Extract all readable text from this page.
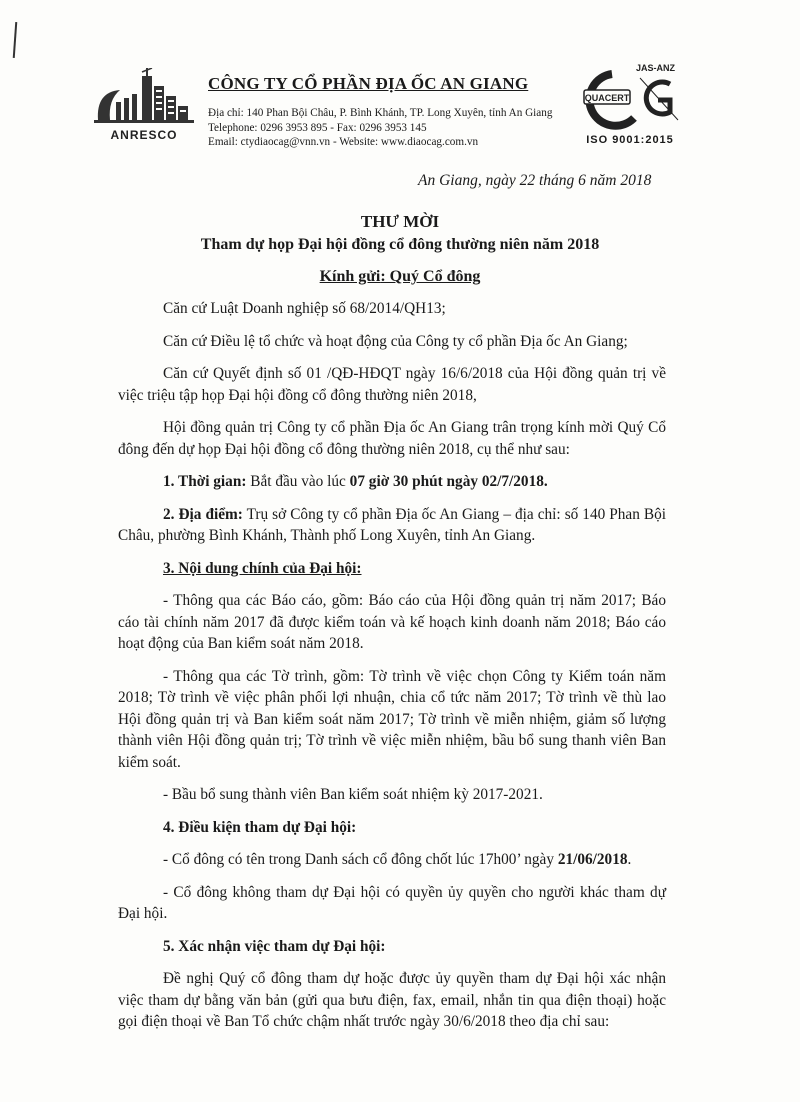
ANRESCO
CÔNG TY CỔ PHẦN ĐỊA ỐC AN GIANG
Địa chỉ: 140 Phan Bội Châu, P. Bình Khánh, TP. Long Xuyên, tỉnh An Giang
Telephone: 0296 3953 895 - Fax: 0296 3953 145
Email: ctydiaocag@vnn.vn - Website: www.diaocag.com.vn
JAS-ANZ
QUACERT
ISO 9001:2015
An Giang, ngày 22 tháng 6 năm 2018
THƯ MỜI
Tham dự họp Đại hội đồng cổ đông thường niên năm 2018
Kính gửi: Quý Cổ đông

Căn cứ Luật Doanh nghiệp số 68/2014/QH13;

Căn cứ Điều lệ tổ chức và hoạt động của Công ty cổ phần Địa ốc An Giang;

Căn cứ Quyết định số 01 /QĐ-HĐQT ngày 16/6/2018 của Hội đồng quản trị về việc triệu tập họp Đại hội đồng cổ đông thường niên 2018,

Hội đồng quản trị Công ty cổ phần Địa ốc An Giang trân trọng kính mời Quý Cổ đông đến dự họp Đại hội đồng cổ đông thường niên 2018, cụ thể như sau:

1. Thời gian: Bắt đầu vào lúc 07 giờ 30 phút ngày 02/7/2018.

2. Địa điểm: Trụ sở Công ty cổ phần Địa ốc An Giang – địa chỉ: số 140 Phan Bội Châu, phường Bình Khánh, Thành phố Long Xuyên, tỉnh An Giang.

3. Nội dung chính của Đại hội:

- Thông qua các Báo cáo, gồm: Báo cáo của Hội đồng quản trị năm 2017; Báo cáo tài chính năm 2017 đã được kiểm toán và kế hoạch kinh doanh năm 2018; Báo cáo hoạt động của Ban kiểm soát năm 2018.

- Thông qua các Tờ trình, gồm: Tờ trình về việc chọn Công ty Kiểm toán năm 2018; Tờ trình về việc phân phối lợi nhuận, chia cổ tức năm 2017; Tờ trình về thù lao Hội đồng quản trị và Ban kiểm soát năm 2017; Tờ trình về miễn nhiệm, giảm số lượng thành viên Hội đồng quản trị; Tờ trình về việc miễn nhiệm, bầu bổ sung thanh viên Ban kiểm soát.

- Bầu bổ sung thành viên Ban kiểm soát nhiệm kỳ 2017-2021.

4. Điều kiện tham dự Đại hội:

- Cổ đông có tên trong Danh sách cổ đông chốt lúc 17h00’ ngày 21/06/2018.

- Cổ đông không tham dự Đại hội có quyền ủy quyền cho người khác tham dự Đại hội.

5. Xác nhận việc tham dự Đại hội:

Đề nghị Quý cổ đông tham dự hoặc được ủy quyền tham dự Đại hội xác nhận việc tham dự bằng văn bản (gửi qua bưu điện, fax, email, nhắn tin qua điện thoại) hoặc gọi điện thoại về Ban Tổ chức chậm nhất trước ngày 30/6/2018 theo địa chỉ sau:
